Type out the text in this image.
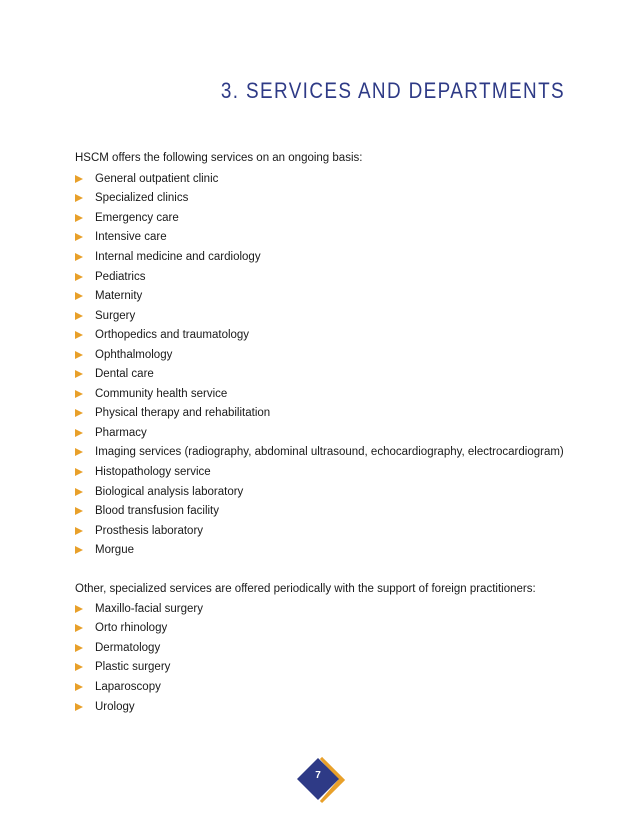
3. SERVICES AND DEPARTMENTS
HSCM offers the following services on an ongoing basis:
General outpatient clinic
Specialized clinics
Emergency care
Intensive care
Internal medicine and cardiology
Pediatrics
Maternity
Surgery
Orthopedics and traumatology
Ophthalmology
Dental care
Community health service
Physical therapy and rehabilitation
Pharmacy
Imaging services (radiography, abdominal ultrasound, echocardiography, electrocardiogram)
Histopathology service
Biological analysis laboratory
Blood transfusion facility
Prosthesis laboratory
Morgue
Other, specialized services are offered periodically with the support of foreign practitioners:
Maxillo-facial surgery
Orto rhinology
Dermatology
Plastic surgery
Laparoscopy
Urology
7
